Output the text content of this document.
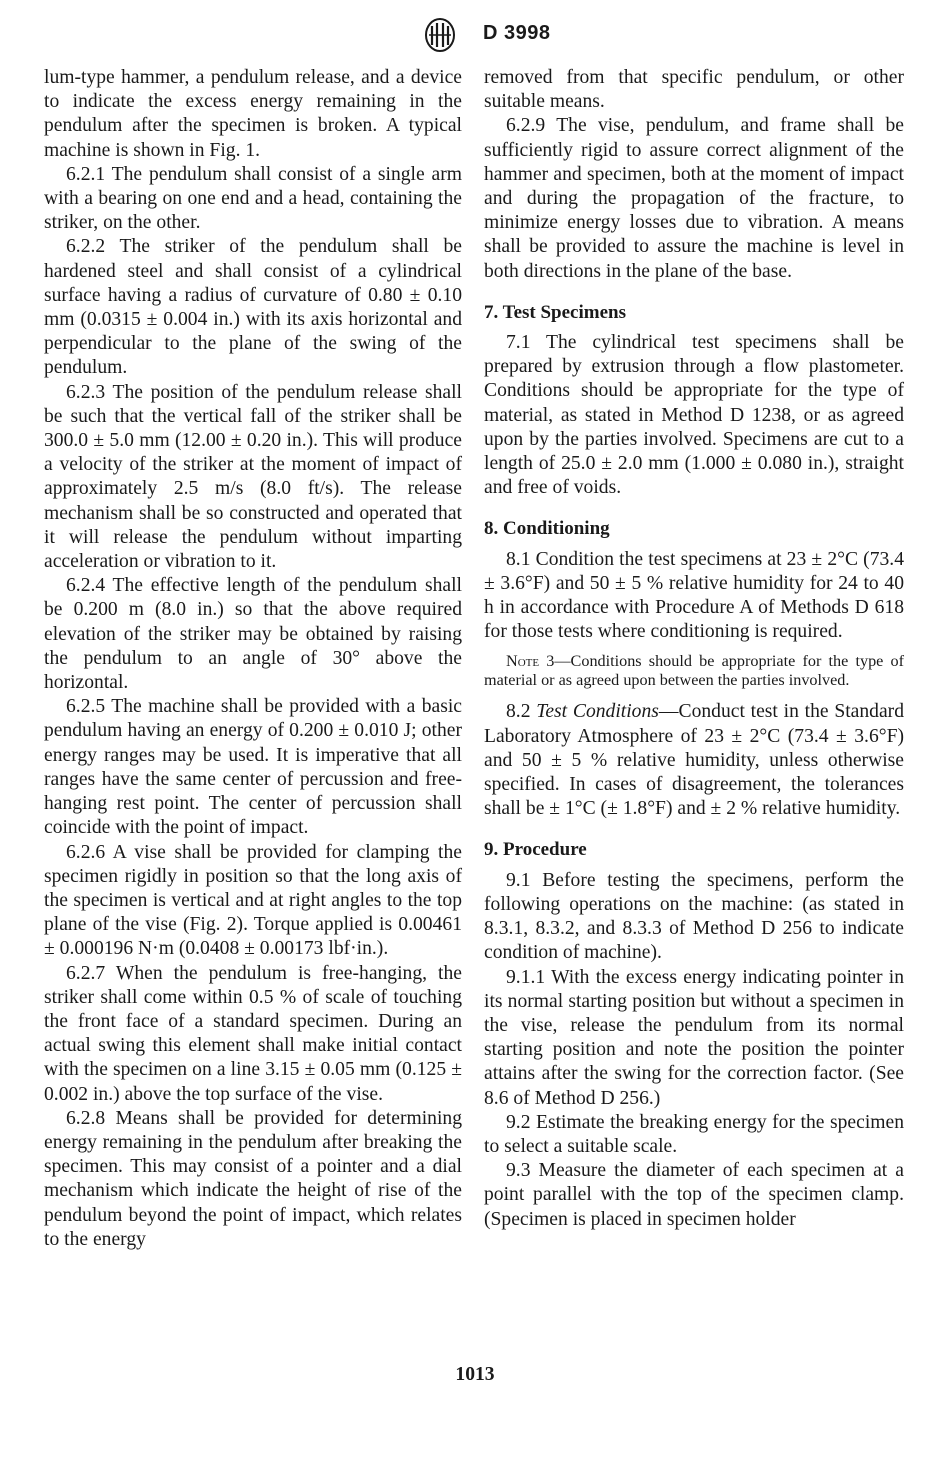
D 3998

lum-type hammer, a pendulum release, and a device to indicate the excess energy remaining in the pendulum after the specimen is broken. A typical machine is shown in Fig. 1.

6.2.1 The pendulum shall consist of a single arm with a bearing on one end and a head, containing the striker, on the other.

6.2.2 The striker of the pendulum shall be hardened steel and shall consist of a cylindrical surface having a radius of curvature of 0.80 ± 0.10 mm (0.0315 ± 0.004 in.) with its axis horizontal and perpendicular to the plane of the swing of the pendulum.

6.2.3 The position of the pendulum release shall be such that the vertical fall of the striker shall be 300.0 ± 5.0 mm (12.00 ± 0.20 in.). This will produce a velocity of the striker at the moment of impact of approximately 2.5 m/s (8.0 ft/s). The release mechanism shall be so constructed and operated that it will release the pendulum without imparting acceleration or vibration to it.

6.2.4 The effective length of the pendulum shall be 0.200 m (8.0 in.) so that the above required elevation of the striker may be obtained by raising the pendulum to an angle of 30° above the horizontal.

6.2.5 The machine shall be provided with a basic pendulum having an energy of 0.200 ± 0.010 J; other energy ranges may be used. It is imperative that all ranges have the same center of percussion and free-hanging rest point. The center of percussion shall coincide with the point of impact.

6.2.6 A vise shall be provided for clamping the specimen rigidly in position so that the long axis of the specimen is vertical and at right angles to the top plane of the vise (Fig. 2). Torque applied is 0.00461 ± 0.000196 N·m (0.0408 ± 0.00173 lbf·in.).

6.2.7 When the pendulum is free-hanging, the striker shall come within 0.5 % of scale of touching the front face of a standard specimen. During an actual swing this element shall make initial contact with the specimen on a line 3.15 ± 0.05 mm (0.125 ± 0.002 in.) above the top surface of the vise.

6.2.8 Means shall be provided for determining energy remaining in the pendulum after breaking the specimen. This may consist of a pointer and a dial mechanism which indicate the height of rise of the pendulum beyond the point of impact, which relates to the energy

removed from that specific pendulum, or other suitable means.

6.2.9 The vise, pendulum, and frame shall be sufficiently rigid to assure correct alignment of the hammer and specimen, both at the moment of impact and during the propagation of the fracture, to minimize energy losses due to vibration. A means shall be provided to assure the machine is level in both directions in the plane of the base.

7. Test Specimens

7.1 The cylindrical test specimens shall be prepared by extrusion through a flow plastometer. Conditions should be appropriate for the type of material, as stated in Method D 1238, or as agreed upon by the parties involved. Specimens are cut to a length of 25.0 ± 2.0 mm (1.000 ± 0.080 in.), straight and free of voids.

8. Conditioning

8.1 Condition the test specimens at 23 ± 2°C (73.4 ± 3.6°F) and 50 ± 5 % relative humidity for 24 to 40 h in accordance with Procedure A of Methods D 618 for those tests where conditioning is required.

Note 3—Conditions should be appropriate for the type of material or as agreed upon between the parties involved.

8.2 Test Conditions—Conduct test in the Standard Laboratory Atmosphere of 23 ± 2°C (73.4 ± 3.6°F) and 50 ± 5 % relative humidity, unless otherwise specified. In cases of disagreement, the tolerances shall be ± 1°C (± 1.8°F) and ± 2 % relative humidity.

9. Procedure

9.1 Before testing the specimens, perform the following operations on the machine: (as stated in 8.3.1, 8.3.2, and 8.3.3 of Method D 256 to indicate condition of machine).

9.1.1 With the excess energy indicating pointer in its normal starting position but without a specimen in the vise, release the pendulum from its normal starting position and note the position the pointer attains after the swing for the correction factor. (See 8.6 of Method D 256.)

9.2 Estimate the breaking energy for the specimen to select a suitable scale.

9.3 Measure the diameter of each specimen at a point parallel with the top of the specimen clamp. (Specimen is placed in specimen holder

1013
